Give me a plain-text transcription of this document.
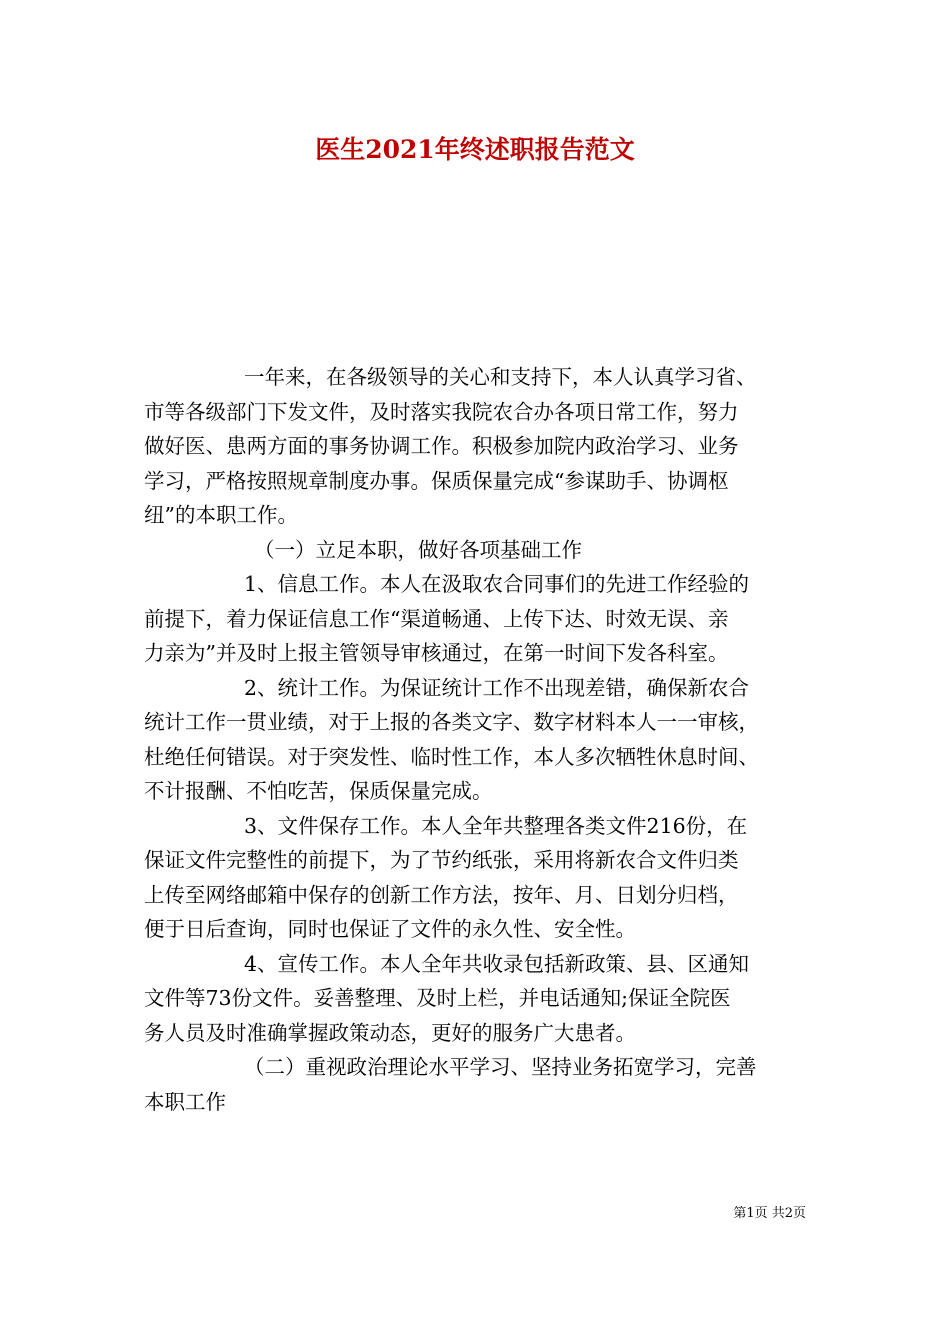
医生2021年终述职报告范文
一年来，在各级领导的关心和支持下，本人认真学习省、
市等各级部门下发文件，及时落实我院农合办各项日常工作，努力
做好医、患两方面的事务协调工作。积极参加院内政治学习、业务
学习，严格按照规章制度办事。保质保量完成“参谋助手、协调枢
纽”的本职工作。
（一）立足本职，做好各项基础工作
1、信息工作。本人在汲取农合同事们的先进工作经验的
前提下，着力保证信息工作“渠道畅通、上传下达、时效无误、亲
力亲为”并及时上报主管领导审核通过，在第一时间下发各科室。
2、统计工作。为保证统计工作不出现差错，确保新农合
统计工作一贯业绩，对于上报的各类文字、数字材料本人一一审核，
杜绝任何错误。对于突发性、临时性工作，本人多次牺牲休息时间、
不计报酬、不怕吃苦，保质保量完成。
3、文件保存工作。本人全年共整理各类文件216份，在
保证文件完整性的前提下，为了节约纸张，采用将新农合文件归类
上传至网络邮箱中保存的创新工作方法，按年、月、日划分归档，
便于日后查询，同时也保证了文件的永久性、安全性。
4、宣传工作。本人全年共收录包括新政策、县、区通知
文件等73份文件。妥善整理、及时上栏，并电话通知;保证全院医
务人员及时准确掌握政策动态，更好的服务广大患者。
（二）重视政治理论水平学习、坚持业务拓宽学习，完善
本职工作
第1页 共2页
